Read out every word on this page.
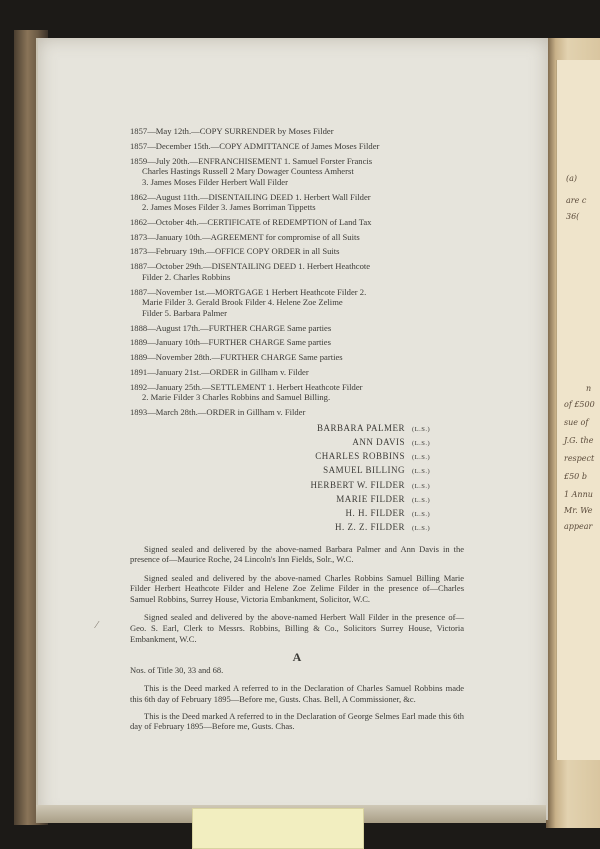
(a)
are c
36(
n
of £500
sue of
J.G. the
respect
£50 b
1 Annu
Mr. We
appear
⁄
1857—May 12th.—COPY SURRENDER by Moses Filder
1857—December 15th.—COPY ADMITTANCE of James Moses Filder
1859—July 20th.—ENFRANCHISEMENT 1. Samuel Forster Francis
Charles Hastings Russell 2 Mary Dowager Countess Amherst
3. James Moses Filder Herbert Wall Filder
1862—August 11th.—DISENTAILING DEED 1. Herbert Wall Filder
2. James Moses Filder 3. James Borriman Tippetts
1862—October 4th.—CERTIFICATE of REDEMPTION of Land Tax
1873—January 10th.—AGREEMENT for compromise of all Suits
1873—February 19th.—OFFICE COPY ORDER in all Suits
1887—October 29th.—DISENTAILING DEED 1. Herbert Heathcote
Filder 2. Charles Robbins
1887—November 1st.—MORTGAGE 1 Herbert Heathcote Filder 2.
Marie Filder 3. Gerald Brook Filder 4. Helene Zoe Zelime
Filder 5. Barbara Palmer
1888—August 17th.—FURTHER CHARGE Same parties
1889—January 10th—FURTHER CHARGE Same parties
1889—November 28th.—FURTHER CHARGE Same parties
1891—January 21st.—ORDER in Gillham v. Filder
1892—January 25th.—SETTLEMENT 1. Herbert Heathcote Filder
2. Marie Filder 3 Charles Robbins and Samuel Billing.
1893—March 28th.—ORDER in Gillham v. Filder
BARBARA PALMER (L.S.)
ANN DAVIS (L.S.)
CHARLES ROBBINS (L.S.)
SAMUEL BILLING (L.S.)
HERBERT W. FILDER (L.S.)
MARIE FILDER (L.S.)
H. H. FILDER (L.S.)
H. Z. Z. FILDER (L.S.)

Signed sealed and delivered by the above-named Barbara Palmer and Ann Davis in the presence of—Maurice Roche, 24 Lincoln's Inn Fields, Solr., W.C.

Signed sealed and delivered by the above-named Charles Robbins Samuel Billing Marie Filder Herbert Heathcote Filder and Helene Zoe Zelime Filder in the presence of—Charles Samuel Robbins, Surrey House, Victoria Embankment, Solicitor, W.C.

Signed sealed and delivered by the above-named Herbert Wall Filder in the presence of—Geo. S. Earl, Clerk to Messrs. Robbins, Billing & Co., Solicitors Surrey House, Victoria Embankment, W.C.

A
Nos. of Title 30, 33 and 68.

This is the Deed marked A referred to in the Declaration of Charles Samuel Robbins made this 6th day of February 1895—Before me, Gusts. Chas. Bell, A Commissioner, &c.

This is the Deed marked A referred to in the Declaration of George Selmes Earl made this 6th day of February 1895—Before me, Gusts. Chas.
